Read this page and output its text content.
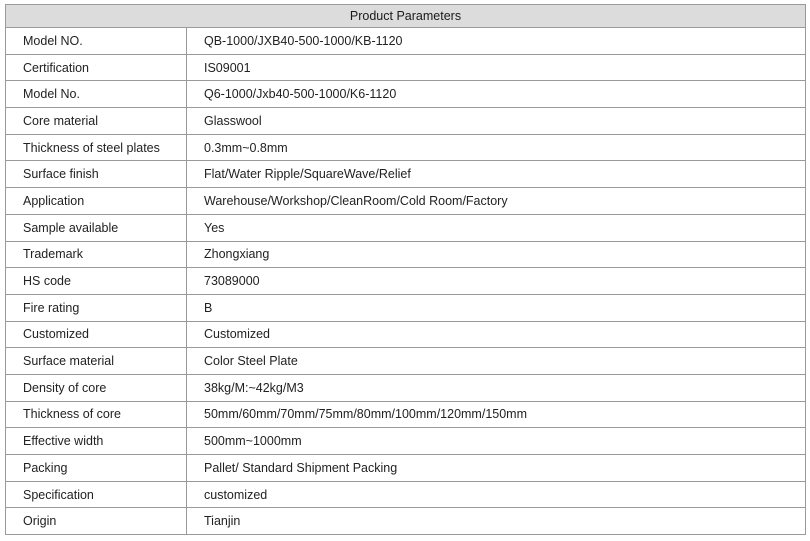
Product Parameters	
Model NO.	QB-1000/JXB40-500-1000/KB-1120
Certification	IS09001
Model No.	Q6-1000/Jxb40-500-1000/K6-1120
Core material	Glasswool
Thickness of steel plates	0.3mm~0.8mm
Surface finish	Flat/Water Ripple/SquareWave/Relief
Application	Warehouse/Workshop/CleanRoom/Cold Room/Factory
Sample available	Yes
Trademark	Zhongxiang
HS code	73089000
Fire rating	B
Customized	Customized
Surface material	Color Steel Plate
Density of core	38kg/M:~42kg/M3
Thickness of core	50mm/60mm/70mm/75mm/80mm/100mm/120mm/150mm
Effective width	500mm~1000mm
Packing	Pallet/ Standard Shipment Packing
Specification	customized
Origin	Tianjin
